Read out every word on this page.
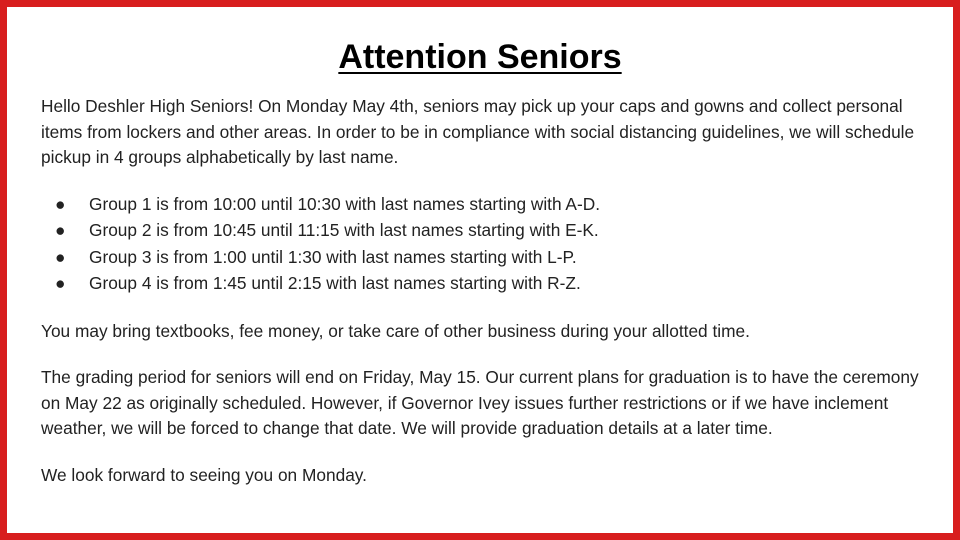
Attention Seniors

Hello Deshler High Seniors! On Monday May 4th, seniors may pick up your caps and gowns and collect personal items from lockers and other areas. In order to be in compliance with social distancing guidelines, we will schedule pickup in 4 groups alphabetically by last name.

● Group 1 is from 10:00 until 10:30 with last names starting with A-D.
● Group 2 is from 10:45 until 11:15 with last names starting with E-K.
● Group 3 is from 1:00 until 1:30 with last names starting with L-P.
● Group 4 is from 1:45 until 2:15 with last names starting with R-Z.

You may bring textbooks, fee money, or take care of other business during your allotted time.

The grading period for seniors will end on Friday, May 15. Our current plans for graduation is to have the ceremony on May 22 as originally scheduled. However, if Governor Ivey issues further restrictions or if we have inclement weather, we will be forced to change that date. We will provide graduation details at a later time.

We look forward to seeing you on Monday.
